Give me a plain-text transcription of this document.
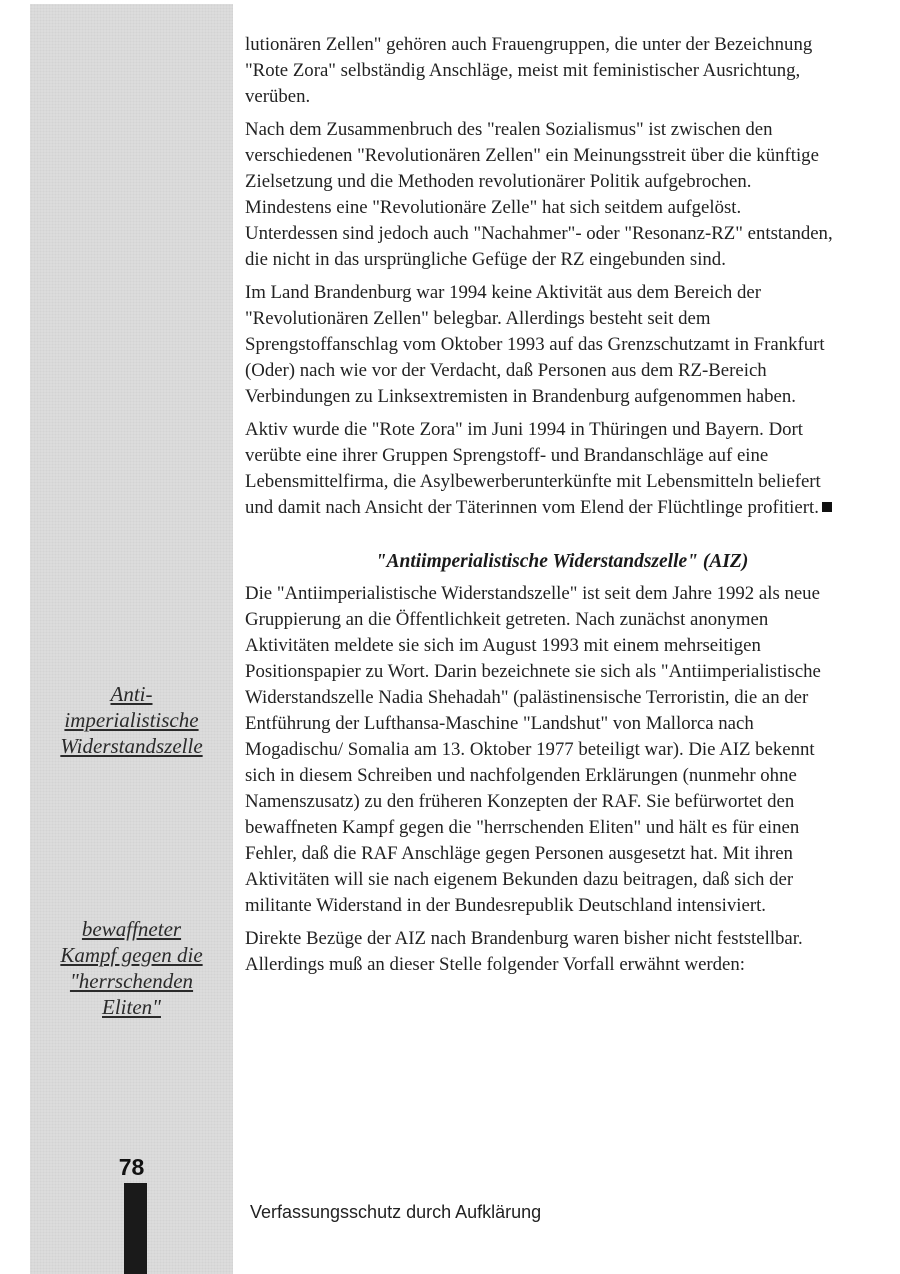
Anti-
imperialistische
Widerstandszelle
bewaffneter
Kampf gegen die
"herrschenden
Eliten"
78

lutionären Zellen" gehören auch Frauengruppen, die unter der Bezeichnung "Rote Zora" selbständig Anschläge, meist mit feministischer Ausrichtung, verüben.

Nach dem Zusammenbruch des "realen Sozialismus" ist zwischen den verschiedenen "Revolutionären Zellen" ein Meinungsstreit über die künftige Zielsetzung und die Methoden revolutionärer Politik aufgebrochen. Mindestens eine "Revolutionäre Zelle" hat sich seitdem aufgelöst. Unterdessen sind jedoch auch "Nachahmer"- oder "Resonanz-RZ" entstanden, die nicht in das ursprüngliche Gefüge der RZ eingebunden sind.

Im Land Brandenburg war 1994 keine Aktivität aus dem Bereich der "Revolutionären Zellen" belegbar. Allerdings besteht seit dem Sprengstoffanschlag vom Oktober 1993 auf das Grenzschutzamt in Frankfurt (Oder) nach wie vor der Verdacht, daß Personen aus dem RZ-Bereich Verbindungen zu Linksextremisten in Brandenburg aufgenommen haben.

Aktiv wurde die "Rote Zora" im Juni 1994 in Thüringen und Bayern. Dort verübte eine ihrer Gruppen Sprengstoff- und Brandanschläge auf eine Lebensmittelfirma, die Asylbewerberunterkünfte mit Lebensmitteln beliefert und damit nach Ansicht der Täterinnen vom Elend der Flüchtlinge profitiert.

"Antiimperialistische Widerstandszelle" (AIZ)

Die "Antiimperialistische Widerstandszelle" ist seit dem Jahre 1992 als neue Gruppierung an die Öffentlichkeit getreten. Nach zunächst anonymen Aktivitäten meldete sie sich im August 1993 mit einem mehrseitigen Positionspapier zu Wort. Darin bezeichnete sie sich als "Antiimperialistische Widerstandszelle Nadia Shehadah" (palästinensische Terroristin, die an der Entführung der Lufthansa-Maschine "Landshut" von Mallorca nach Mogadischu/ Somalia am 13. Oktober 1977 beteiligt war). Die AIZ bekennt sich in diesem Schreiben und nachfolgenden Erklärungen (nunmehr ohne Namenszusatz) zu den früheren Konzepten der RAF. Sie befürwortet den bewaffneten Kampf gegen die "herrschenden Eliten" und hält es für einen Fehler, daß die RAF Anschläge gegen Personen ausgesetzt hat. Mit ihren Aktivitäten will sie nach eigenem Bekunden dazu beitragen, daß sich der militante Widerstand in der Bundesrepublik Deutschland intensiviert.

Direkte Bezüge der AIZ nach Brandenburg waren bisher nicht feststellbar. Allerdings muß an dieser Stelle folgender Vorfall erwähnt werden:

Verfassungsschutz durch Aufklärung
